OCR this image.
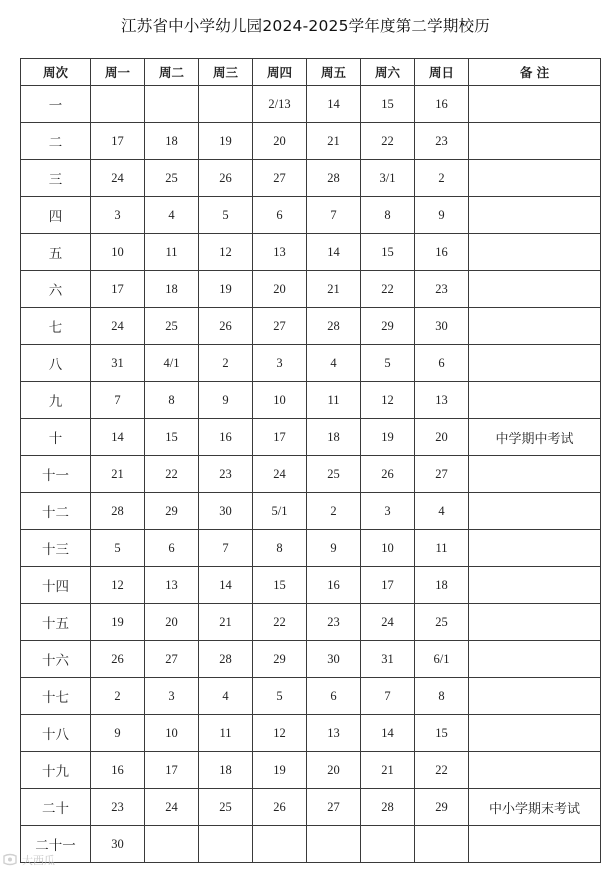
江苏省中小学幼儿园2024-2025学年度第二学期校历
周次	周一	周二	周三	周四	周五	周六	周日	备 注
一				2/13	14	15	16	
二	17	18	19	20	21	22	23	
三	24	25	26	27	28	3/1	2	
四	3	4	5	6	7	8	9	
五	10	11	12	13	14	15	16	
六	17	18	19	20	21	22	23	
七	24	25	26	27	28	29	30	
八	31	4/1	2	3	4	5	6	
九	7	8	9	10	11	12	13	
十	14	15	16	17	18	19	20	中学期中考试
十一	21	22	23	24	25	26	27	
十二	28	29	30	5/1	2	3	4	
十三	5	6	7	8	9	10	11	
十四	12	13	14	15	16	17	18	
十五	19	20	21	22	23	24	25	
十六	26	27	28	29	30	31	6/1	
十七	2	3	4	5	6	7	8	
十八	9	10	11	12	13	14	15	
十九	16	17	18	19	20	21	22	
二十	23	24	25	26	27	28	29	中小学期末考试
二十一	30							
大西瓜
